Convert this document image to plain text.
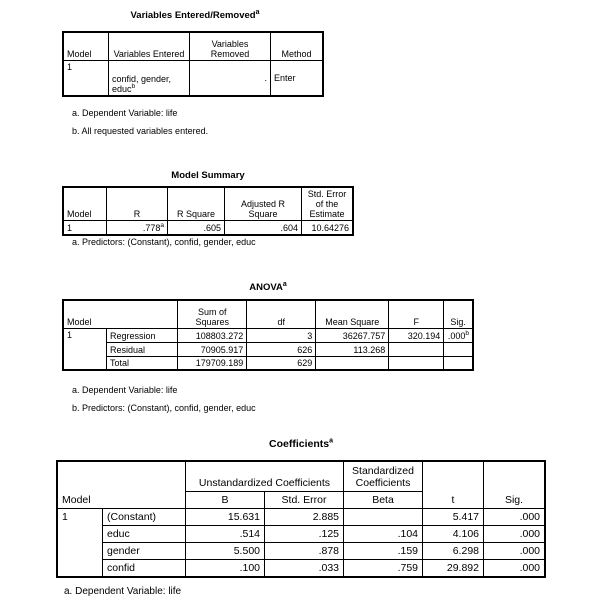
Variables Entered/Removed$^a$
Model	Variables Entered	Variables Removed	Method
1	confid, gender, educ$^b$	.	Enter
a. Dependent Variable: life
b. All requested variables entered.
Model Summary
Model	R	R Square	Adjusted R Square	Std. Error of the Estimate
1	.778$^a$	.605	.604	10.64276
a. Predictors: (Constant), confid, gender, educ
ANOVA$^a$
Model		Sum of Squares	df	Mean Square	F	Sig.
1	Regression	108803.272	3	36267.757	320.194	.000$^b$
	Residual	70905.917	626	113.268		
	Total	179709.189	629			
a. Dependent Variable: life
b. Predictors: (Constant), confid, gender, educ
Coefficients$^a$
Model		Unstandardized Coefficients		Standardized Coefficients	t	Sig.
		B	Std. Error	Beta		
1	(Constant)	15.631	2.885		5.417	.000
	educ	.514	.125	.104	4.106	.000
	gender	5.500	.878	.159	6.298	.000
	confid	.100	.033	.759	29.892	.000
a. Dependent Variable: life
